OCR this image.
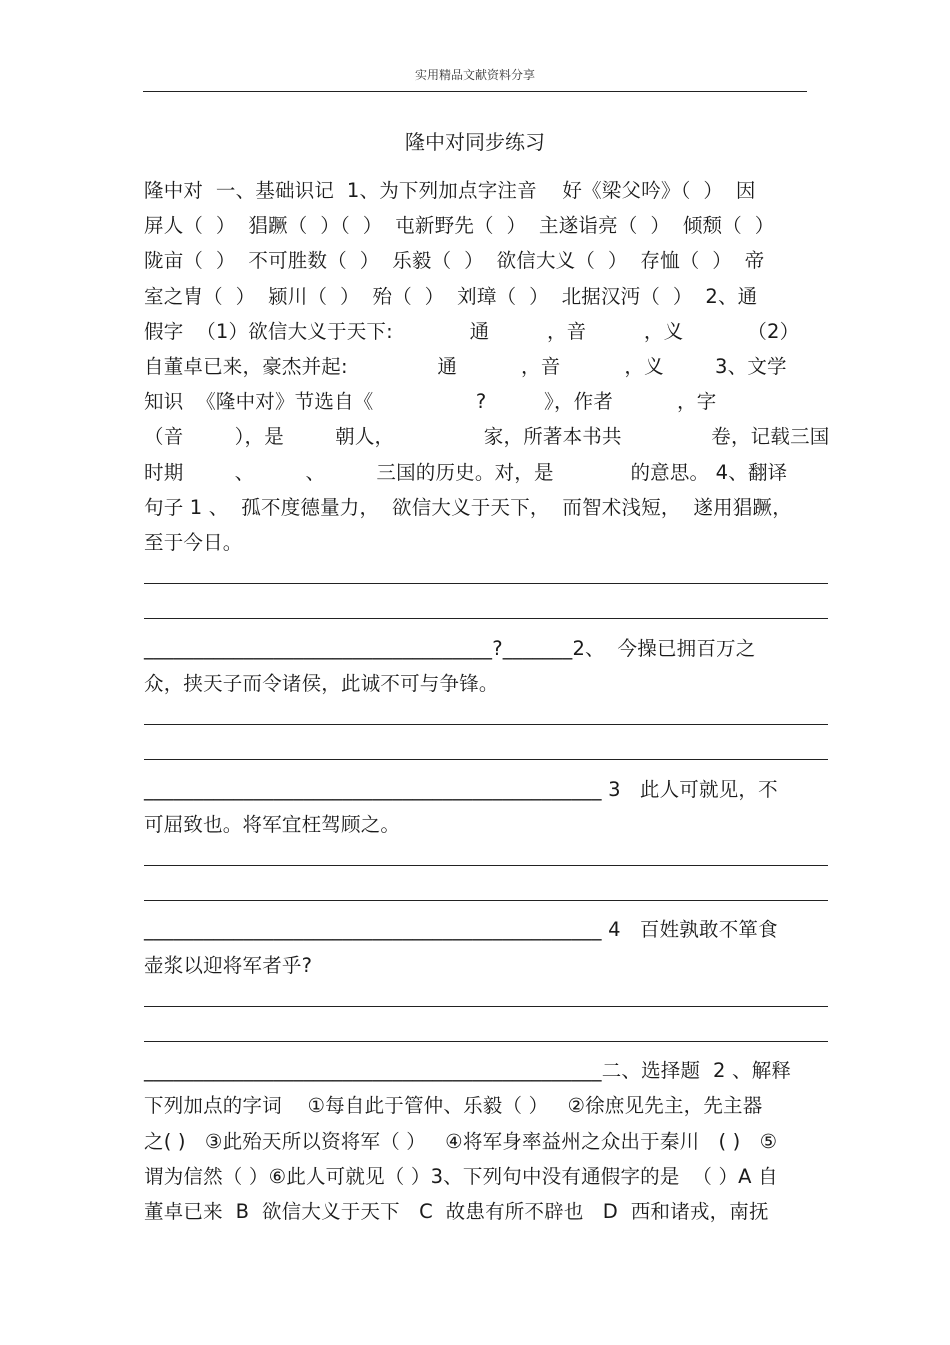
实用精品文献资料分享
隆中对同步练习
隆中对  一、基础识记  1、为下列加点字注音    好《梁父吟》（  ）  因
屏人（  ）  猖蹶（  ）（  ）  屯新野先（  ）  主遂诣亮（  ）  倾颓（  ）
陇亩（  ）  不可胜数（  ）  乐毅（  ）  欲信大义（  ）  存恤（  ）  帝
室之胄（  ）  颍川（  ）  殆（  ）  刘璋（  ）  北据汉沔（  ）  2、通
假字  （1）欲信大义于天下:            通         ，音         ，义          （2）
自董卓已来，豪杰并起:              通          ，音          ，义        3、文学
知识  《隆中对》节选自《                ?         》，作者          ，字
（音        ），是        朝人，              家，所著本书共              卷，记载三国
时期        、        、        三国的历史。对，是            的意思。 4、翻译
句子 1 、  孤不度德量力，  欲信大义于天下，  而智术浅短，  遂用猖蹶，
至于今日。
___________________________________?_______2、  今操已拥百万之
众，挟天子而令诸侯，此诚不可与争锋。
______________________________________________ 3   此人可就见，不
可屈致也。将军宜枉驾顾之。
______________________________________________ 4   百姓孰敢不箪食
壶浆以迎将军者乎?
______________________________________________二、选择题  2 、解释
下列加点的字词    ①每自此于管仲、乐毅（ ）   ②徐庶见先主，先主器
之( )   ③此殆天所以资将军（ ）   ④将军身率益州之众出于秦川   ( )   ⑤
谓为信然（ ）⑥此人可就见（ ）3、下列句中没有通假字的是  （ ）A 自
董卓已来  B  欲信大义于天下   C  故患有所不辟也   D  西和诸戎，南抚
